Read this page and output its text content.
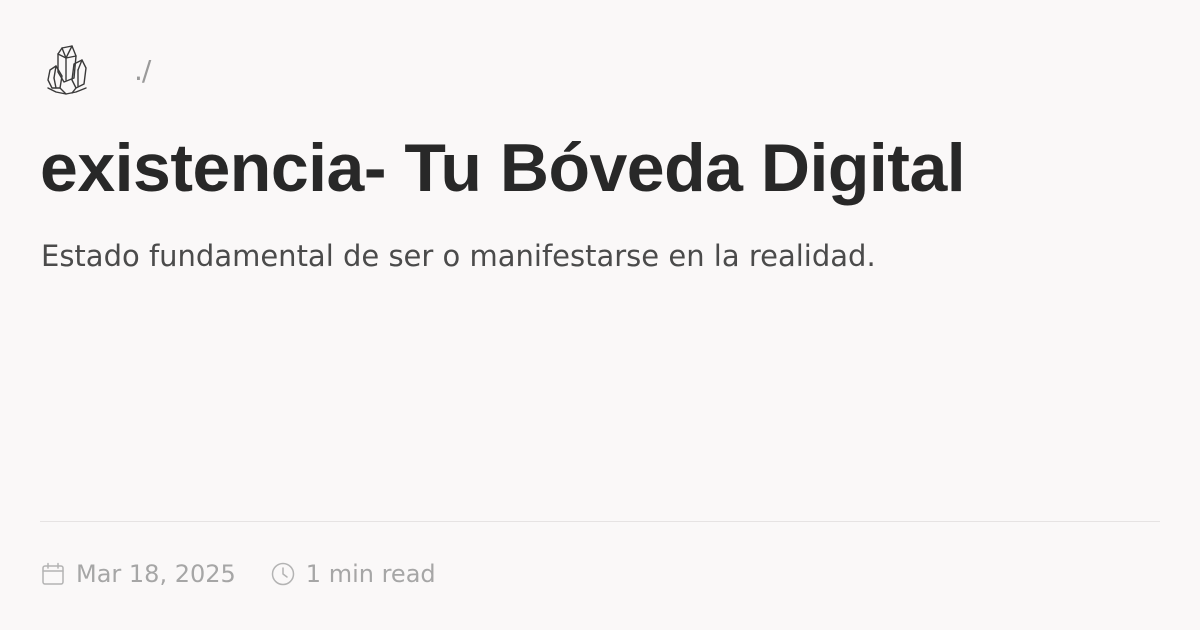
./
existencia- Tu Bóveda Digital

Estado fundamental de ser o manifestarse en la realidad.

Mar 18, 2025	1 min read
